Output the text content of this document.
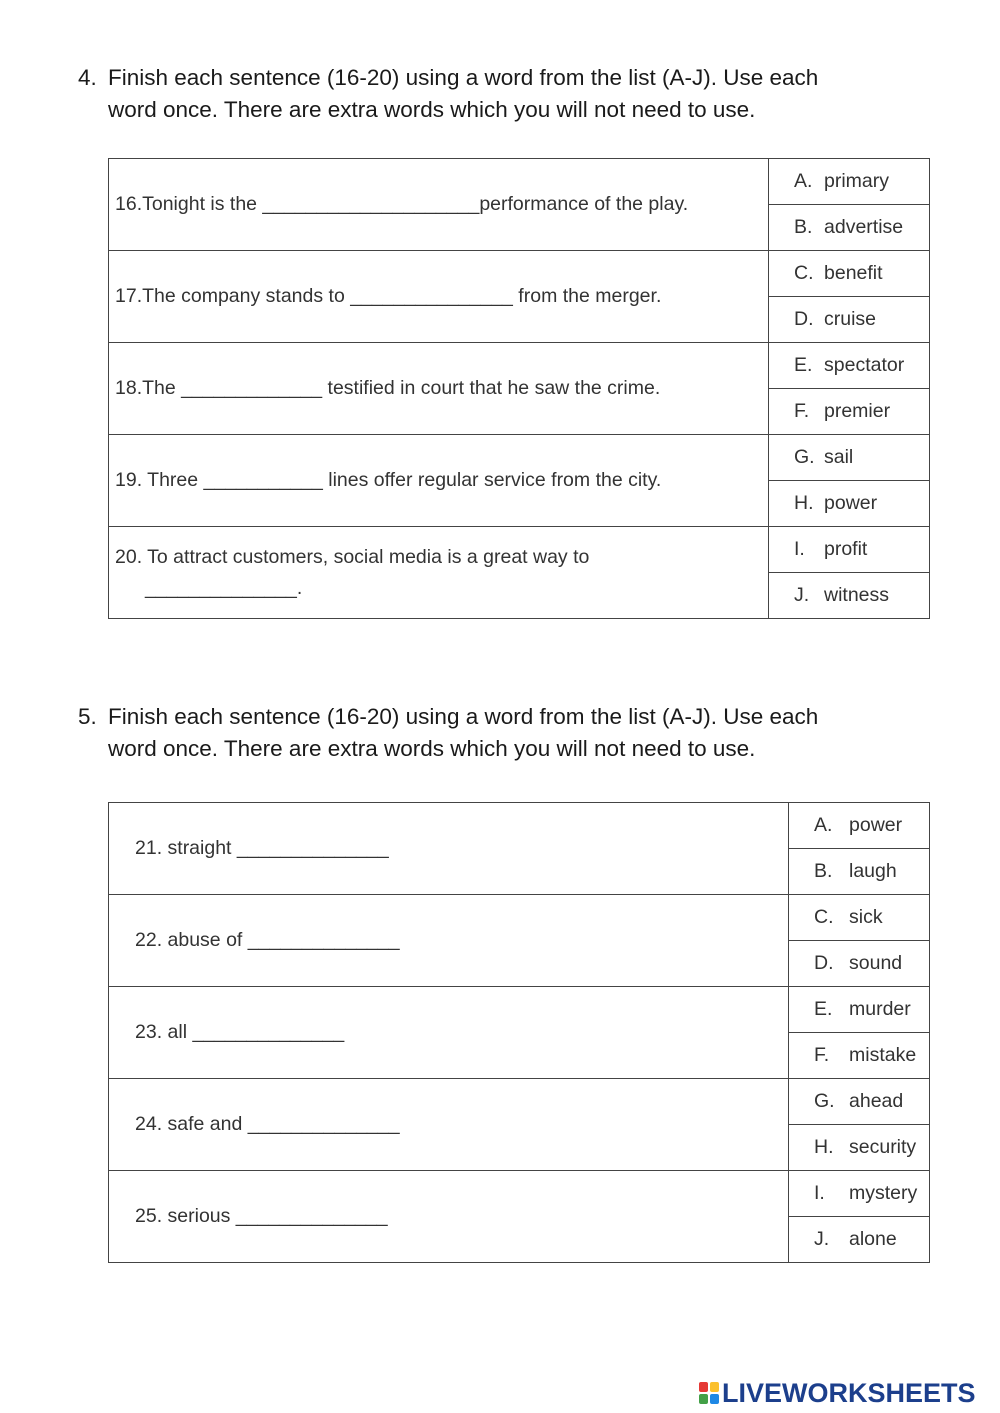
4. Finish each sentence (16-20) using a word from the list (A-J). Use each
word once. There are extra words which you will not need to use.
16.Tonight is the ____________________performance of the play.	A. primary
	B. advertise
17.The company stands to _______________ from the merger.	C. benefit
	D. cruise
18.The _____________ testified in court that he saw the crime.	E. spectator
	F. premier
19. Three ___________ lines offer regular service from the city.	G. sail
	H. power
20. To attract customers, social media is a great way to
______________.	I. profit
	J. witness
5. Finish each sentence (16-20) using a word from the list (A-J). Use each
word once. There are extra words which you will not need to use.
21. straight ______________	A. power
	B. laugh
22. abuse of ______________	C. sick
	D. sound
23. all ______________	E. murder
	F. mistake
24. safe and ______________	G. ahead
	H. security
25. serious ______________	I. mystery
	J. alone
LIVEWORKSHEETS
